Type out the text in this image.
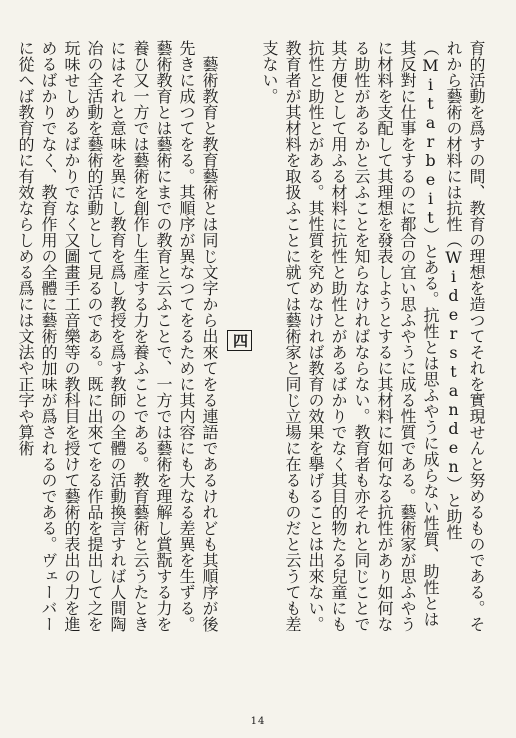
育的活動を爲すの間、教育の理想を造つてそれを實現せんと努めるものである。それから藝術の材料には抗性（Widerstanden）と助性（Mitarbeit）とある。抗性とは思ふやうに成らない性質、助性とは其反對に仕事をするのに都合の宜い思ふやうに成る性質である。藝術家が思ふやうに材料を支配して其理想を發表しようとするに其材料に如何なる抗性があり如何なる助性があるかと云ふことを知らなければならない。教育者も亦それと同じことで其方便として用ふる材料に抗性と助性とがあるばかりでなく其目的物たる兒童にも抗性と助性とがある。其性質を究めなければ教育の效果を擧げることは出來ない。教育者が其材料を取扱ふことに就ては藝術家と同じ立場に在るものだと云うても差支ない。

四

藝術教育と教育藝術とは同じ文字から出來てをる連語であるけれども其順序が後先きに成つてをる。其順序が異なつてをるために其内容にも大なる差異を生ずる。藝術教育とは藝術にまでの教育と云ふことで、一方では藝術を理解し賞翫する力を養ひ又一方では藝術を創作し生產する力を養ふことである。教育藝術と云うたときにはそれと意味を異にし教育を爲し教授を爲す教師の全體の活動換言すれば人間陶冶の全活動を藝術的活動として見るのである。既に出來てをる作品を提出して之を玩味せしめるばかりでなく又圖畫手工音樂等の教科目を授けて藝術的表出の力を進めるばかりでなく、教育作用の全體に藝術的加味が爲されるのである。ヴェーバーに從へば教育的に有效ならしめる爲には文法や正字や算術

14
